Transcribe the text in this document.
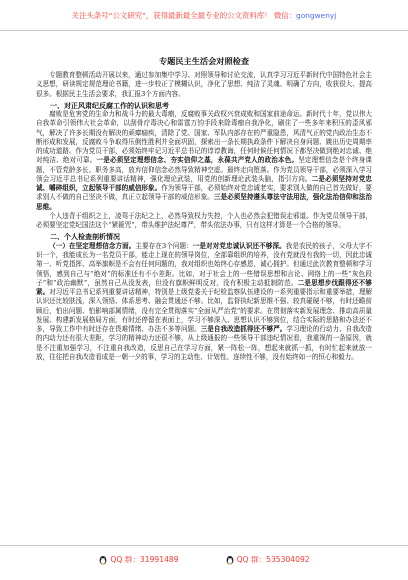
关注头条号“公文研究”，获得最新最全最专业的公文资料库！ 微信：gongwenyj

专题民主生活会对照检查

专题教育整顿活动开展以来，通过参加集中学习、对照领导和讨论交流，认真学习习近平新时代中国特色社会主义思想，研读规定规范理论书籍，进一步校正了模糊认识，净化了思想、纯洁了灵魂、明确了方向，收获很大、提高很多。根据民主生活会要求，我汇报3个方面内容。

一、对正风肃纪反腐工作的认识和思考

腐败是危害党的生命力和战斗力的最大毒瘤，反腐败事关政权兴衰成败和国家前途命运。新时代十年，党以伟大自我革命引领伟大社会革命，以刮骨疗毒决心和雷霆万钧手段来除毒瘤自我净化，刷住了一些多年来积压的歪风邪气，解决了许多长期没有解决的顽瘴痼疾，清除了党、国家、军队内部存在的严重隐患，风清气正的党内政治生态不断形成和发展，反腐败斗争取得压倒性胜利并全面巩固，探索出一条长期执政条件下解决自身问题、跳出历史周期率的成功道路。作为党员干部，必须始终牢记习近平总书记的谆谆教诲，任何时候任何情况下都坚决做到绝对忠诚、绝对纯洁、绝对可靠。一是必须坚定理想信念、夯实信仰之基，永葆共产党人的政治本色。坚定理想信念是个终身课题，不管党龄多长、职务多高，放弃信仰信念必然导致精神空虚。最终走向堕落。作为党员领导干部，必须深入学习领会习近平总书记系列重要讲话精神，强化理论武装，用党的创新理论武装头脑，指引方向。二是必须坚持对党忠诚、嚼碎组织，立起领导干部的威信形象。作为领导干部，必须始终对党忠诚老实，要求别人做的自己首先做好，要求别人不做的自己坚决不做，真正立起领导干部的威信形象。三是必须坚持遵头尊法守法用法，强化法治信仰和法治思维。

个人违背于组织之上，凌驾于法纪之上，必然导致权力失控，个人也必然会犯错误走邪道。作为党员领导干部，必须要坚定党纪国法这个“紧箍咒”，带头维护法纪尊严，带头依法办事，只有这样才算是一个合格的领导。

二、个人检查剖析情况

（一）在坚定理想信念方面。主要存在3个问题：一是对对党忠诚认识还不够深。我是农民的孩子，父母大字不识一个，我能成长为一名党员干部，能走上现在的领导岗位，全部靠组织的培养，没有党就没有我的一切，因此忠诚第一、听党指挥、高举旗帜是不会有任何问题的，我对组织也始终心存感恩，诚心拥护。但通过此次教育整顿和学习领悟，感到自己与“绝对”的标准还有不小差距。比如，对于社会上的一些错误思想和言论、网络上的一些“灰色段子”和“政治幽默”，虽然自己从没发表，但没有旗帜鲜明反对，没有积极主动抵制防范。二是思想步伐跟得还不够紧。对习近平总书记系列重要讲话精神，特别是上级党委关于纪检监察队伍建设的一系列重要指示和重要举措，理解认识还比较肤浅，深入领悟、体系思考、融会贯通还不够。比如，监督执纪新思维不强、较真碰硬不够，有时还瞻前顾后，怕出问题、怕影响部属情绪，没有完全贯彻落实“全面从严治党”的要求。在贯彻落实新发展理念、推动高质量发展、构建新发展格局方面，有时还停留在表面上，学习不够深入、思想认识不够到位，结合实际的思路和办法还不多，导致工作中有时还存在畏难情绪、办法不多等问题。三是自我改造抓得还不够严。学习理论的行动力、自我改造的内动力还有很大差距，学习的精神动力还很不够，从上级通报的一些领导干部违纪情况看，我重视的一条原因，就是不注重加强学习，不注重自我改造，反思自己在学习方面，紧一阵松一阵，想起来就抓一抓，有时忙起来就放一放，往往把自我改造看成是一朝一夕的事，学习的主动性、计划性、连续性不够，没有始终如一的恒心和毅力。

QQ 群：31991489	QQ 群：535304092
